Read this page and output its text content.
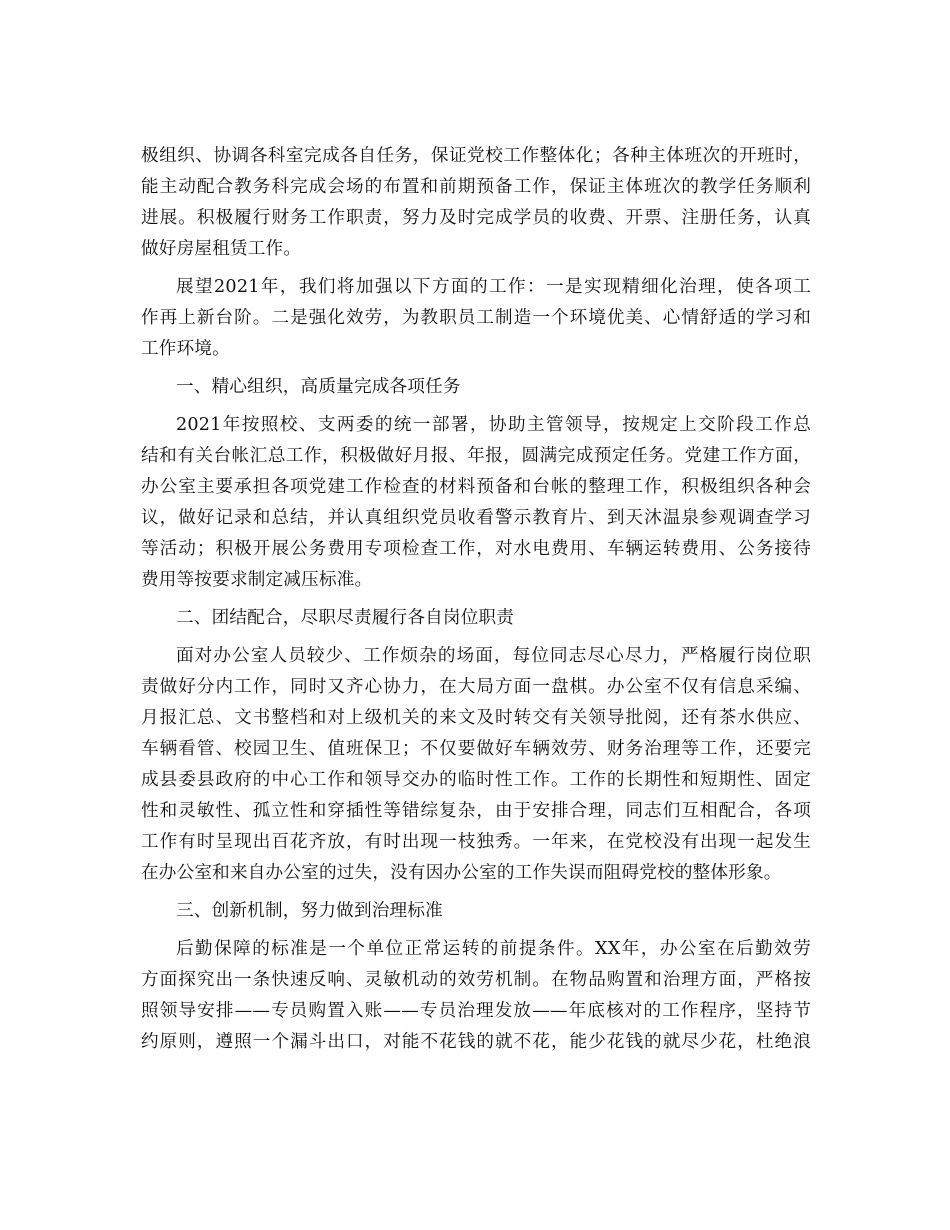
极组织、协调各科室完成各自任务，保证党校工作整体化；各种主体班次的开班时，
能主动配合教务科完成会场的布置和前期预备工作，保证主体班次的教学任务顺利
进展。积极履行财务工作职责，努力及时完成学员的收费、开票、注册任务，认真
做好房屋租赁工作。
展望2021年，我们将加强以下方面的工作：一是实现精细化治理，使各项工
作再上新台阶。二是强化效劳，为教职员工制造一个环境优美、心情舒适的学习和
工作环境。
一、精心组织，高质量完成各项任务
2021年按照校、支两委的统一部署，协助主管领导，按规定上交阶段工作总
结和有关台帐汇总工作，积极做好月报、年报，圆满完成预定任务。党建工作方面，
办公室主要承担各项党建工作检查的材料预备和台帐的整理工作，积极组织各种会
议，做好记录和总结，并认真组织党员收看警示教育片、到天沐温泉参观调查学习
等活动；积极开展公务费用专项检查工作，对水电费用、车辆运转费用、公务接待
费用等按要求制定减压标准。
二、团结配合，尽职尽责履行各自岗位职责
面对办公室人员较少、工作烦杂的场面，每位同志尽心尽力，严格履行岗位职
责做好分内工作，同时又齐心协力，在大局方面一盘棋。办公室不仅有信息采编、
月报汇总、文书整档和对上级机关的来文及时转交有关领导批阅，还有茶水供应、
车辆看管、校园卫生、值班保卫；不仅要做好车辆效劳、财务治理等工作，还要完
成县委县政府的中心工作和领导交办的临时性工作。工作的长期性和短期性、固定
性和灵敏性、孤立性和穿插性等错综复杂，由于安排合理，同志们互相配合，各项
工作有时呈现出百花齐放，有时出现一枝独秀。一年来，在党校没有出现一起发生
在办公室和来自办公室的过失，没有因办公室的工作失误而阻碍党校的整体形象。
三、创新机制，努力做到治理标准
后勤保障的标准是一个单位正常运转的前提条件。XX年，办公室在后勤效劳
方面探究出一条快速反响、灵敏机动的效劳机制。在物品购置和治理方面，严格按
照领导安排——专员购置入账——专员治理发放——年底核对的工作程序，坚持节
约原则，遵照一个漏斗出口，对能不花钱的就不花，能少花钱的就尽少花，杜绝浪
